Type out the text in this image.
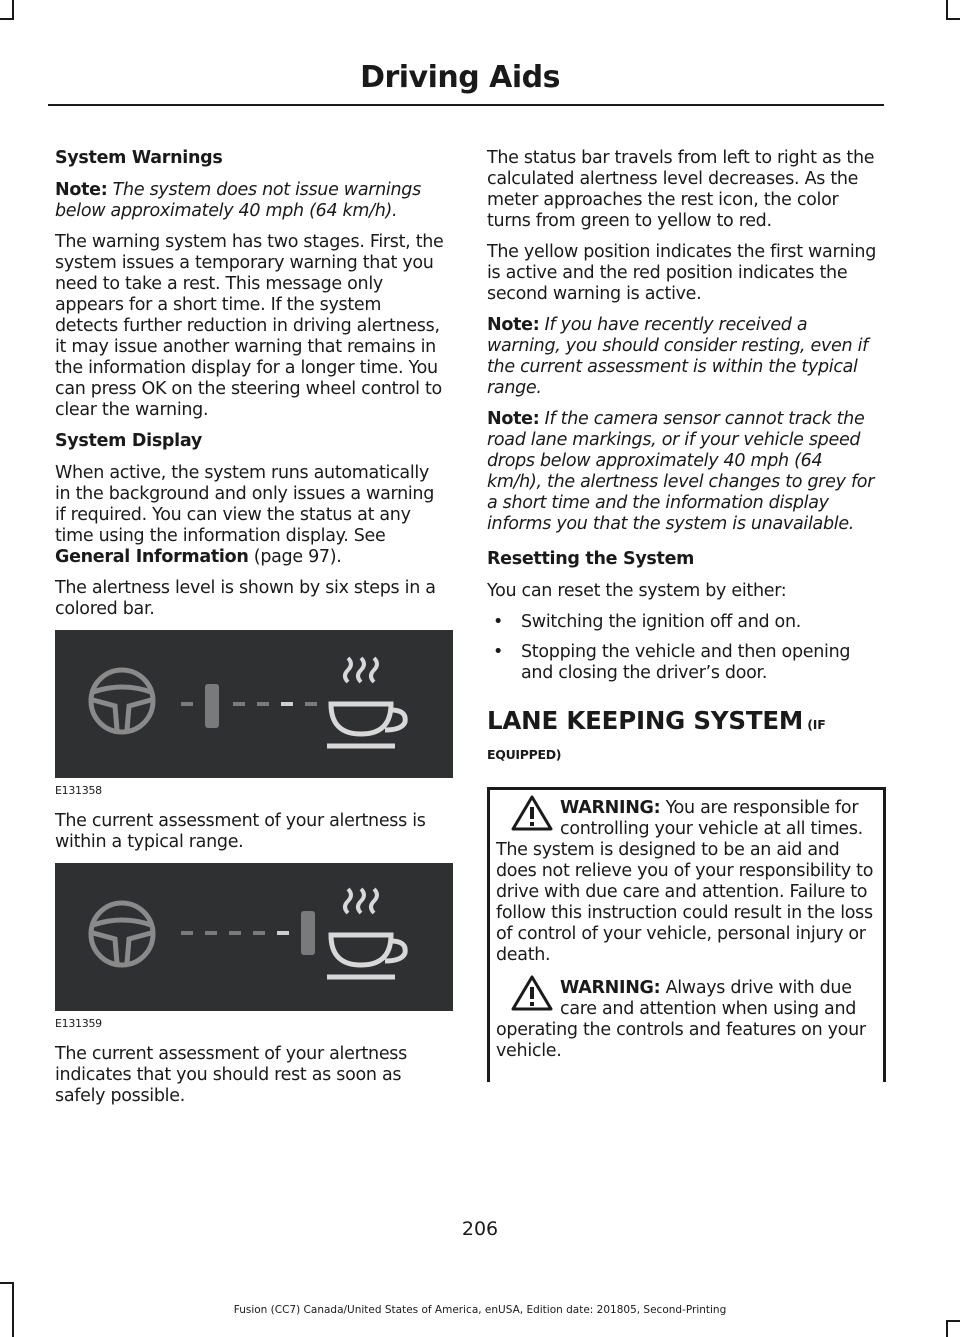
Driving Aids
System Warnings

Note: The system does not issue warnings below approximately 40 mph (64 km/h).

The warning system has two stages. First, the system issues a temporary warning that you need to take a rest. This message only appears for a short time. If the system detects further reduction in driving alertness, it may issue another warning that remains in the information display for a longer time. You can press OK on the steering wheel control to clear the warning.

System Display

When active, the system runs automatically in the background and only issues a warning if required. You can view the status at any time using the information display. See General Information (page 97).

The alertness level is shown by six steps in a colored bar.

E131358

The current assessment of your alertness is within a typical range.

E131359

The current assessment of your alertness indicates that you should rest as soon as safely possible.

The status bar travels from left to right as the calculated alertness level decreases. As the meter approaches the rest icon, the color turns from green to yellow to red.

The yellow position indicates the first warning is active and the red position indicates the second warning is active.

Note: If you have recently received a warning, you should consider resting, even if the current assessment is within the typical range.

Note: If the camera sensor cannot track the road lane markings, or if your vehicle speed drops below approximately 40 mph (64 km/h), the alertness level changes to grey for a short time and the information display informs you that the system is unavailable.

Resetting the System

You can reset the system by either:

• Switching the ignition off and on.
• Stopping the vehicle and then opening and closing the driver’s door.
LANE KEEPING SYSTEM (IF
EQUIPPED)
WARNING: You are responsible for controlling your vehicle at all times. The system is designed to be an aid and does not relieve you of your responsibility to drive with due care and attention. Failure to follow this instruction could result in the loss of control of your vehicle, personal injury or death.
WARNING: Always drive with due care and attention when using and operating the controls and features on your vehicle.
206
Fusion (CC7) Canada/United States of America, enUSA, Edition date: 201805, Second-Printing
